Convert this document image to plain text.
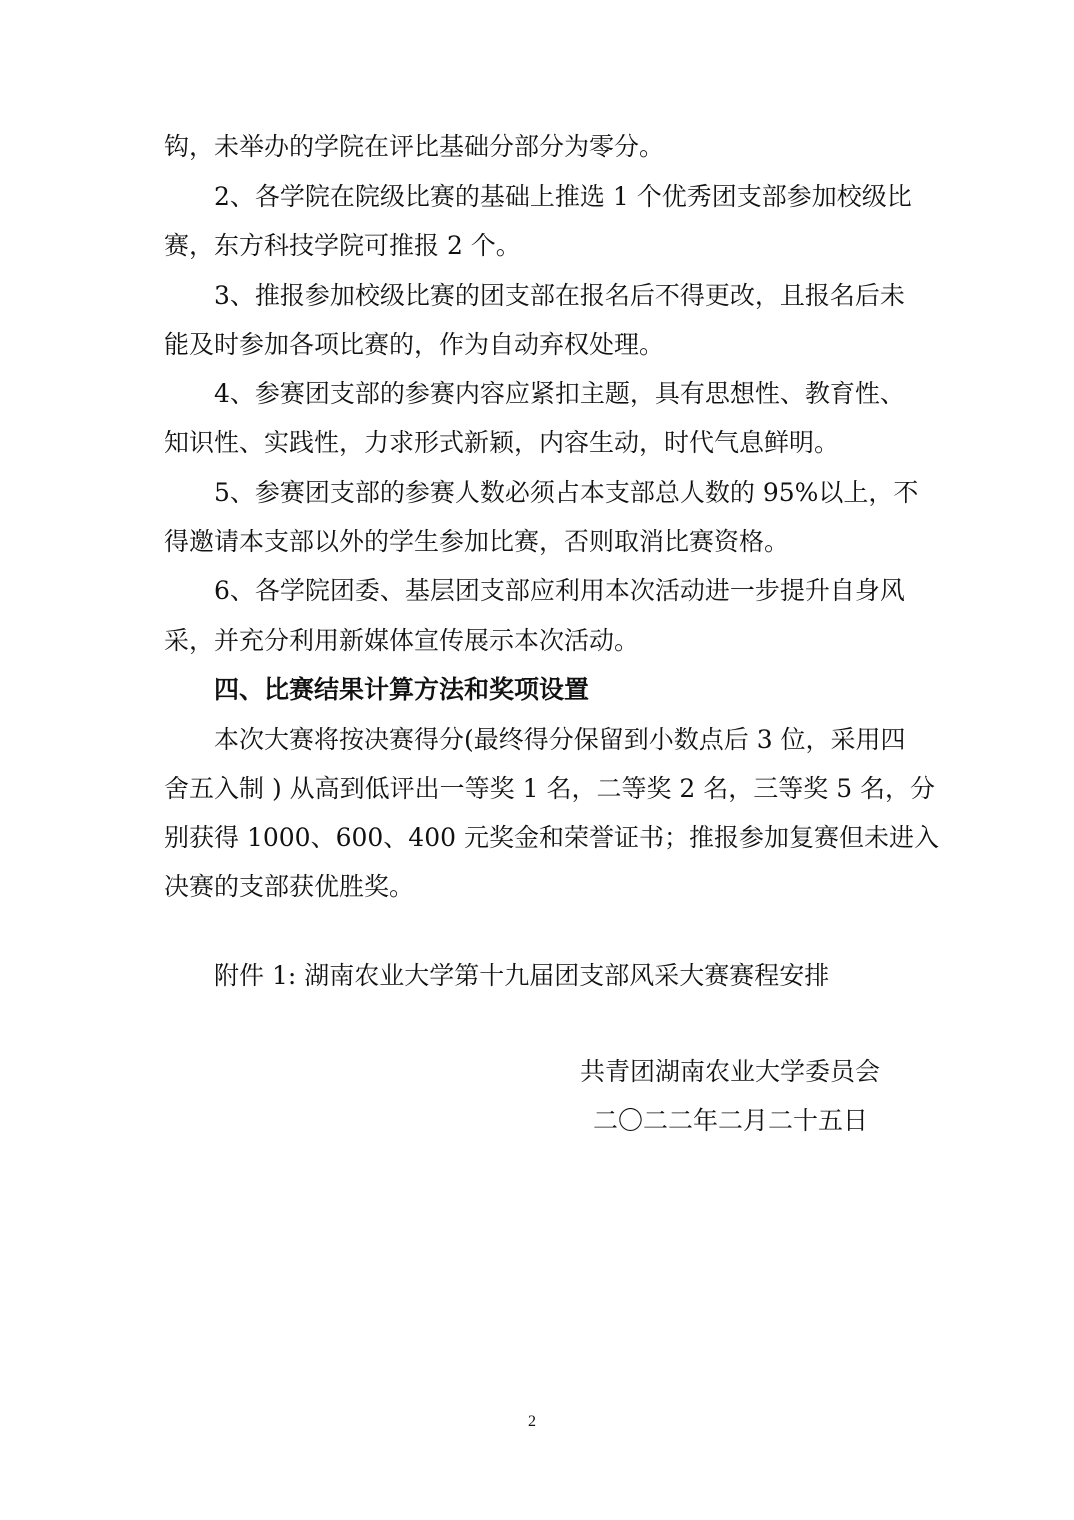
钩，未举办的学院在评比基础分部分为零分。
2、各学院在院级比赛的基础上推选 1 个优秀团支部参加校级比
赛，东方科技学院可推报 2 个。
3、推报参加校级比赛的团支部在报名后不得更改，且报名后未
能及时参加各项比赛的，作为自动弃权处理。
4、参赛团支部的参赛内容应紧扣主题，具有思想性、教育性、
知识性、实践性，力求形式新颖，内容生动，时代气息鲜明。
5、参赛团支部的参赛人数必须占本支部总人数的 95%以上，不
得邀请本支部以外的学生参加比赛，否则取消比赛资格。
6、各学院团委、基层团支部应利用本次活动进一步提升自身风
采，并充分利用新媒体宣传展示本次活动。
四、比赛结果计算方法和奖项设置
本次大赛将按决赛得分(最终得分保留到小数点后 3 位，采用四
舍五入制 ) 从高到低评出一等奖 1 名，二等奖 2 名，三等奖 5 名，分
别获得 1000、600、400 元奖金和荣誉证书；推报参加复赛但未进入
决赛的支部获优胜奖。
附件 1: 湖南农业大学第十九届团支部风采大赛赛程安排
共青团湖南农业大学委员会
二〇二二年二月二十五日
2
